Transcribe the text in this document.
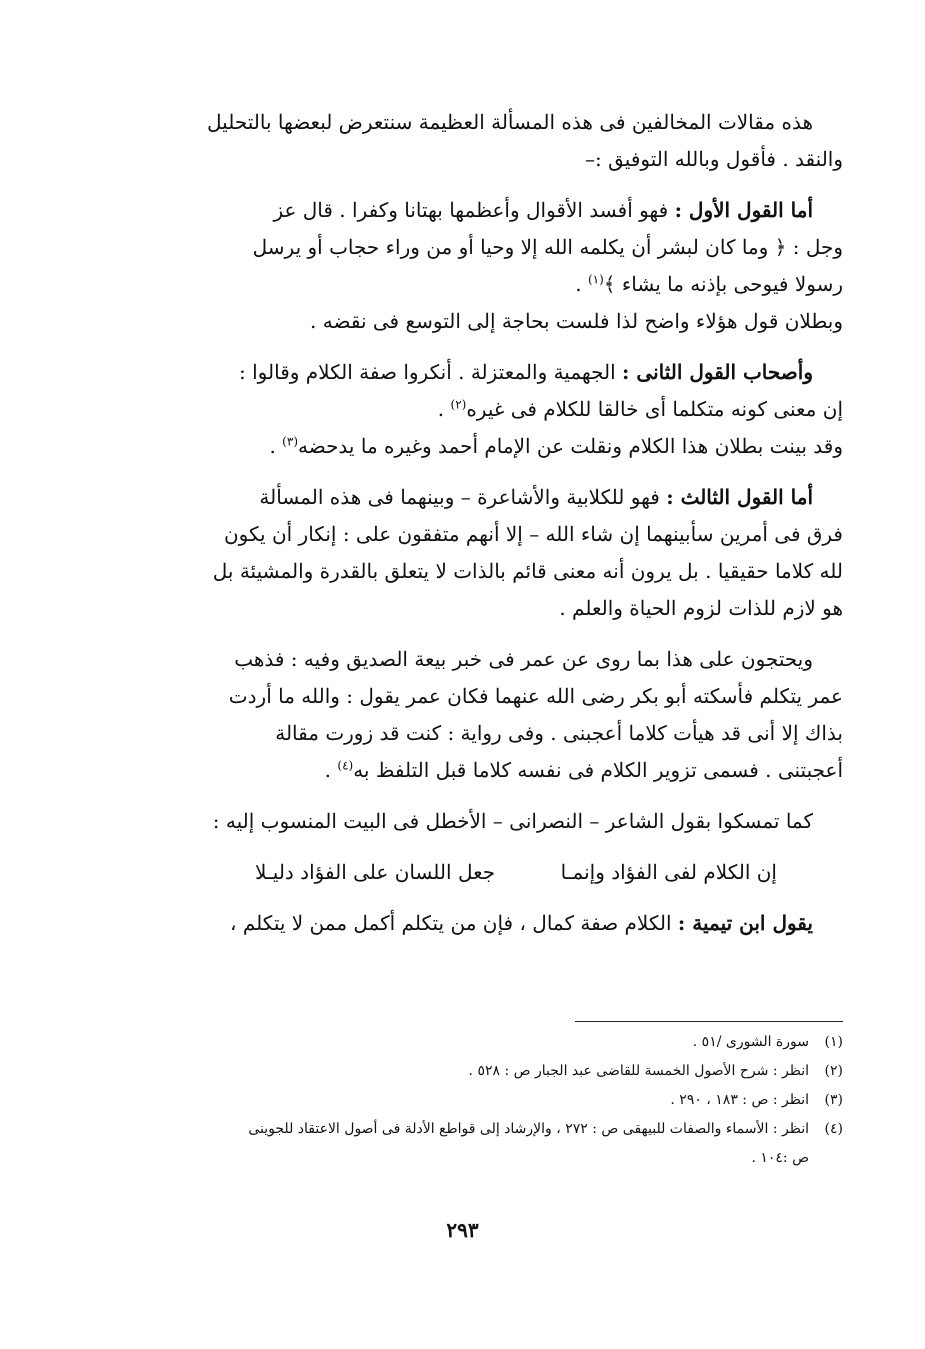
هذه مقالات المخالفين فى هذه المسألة العظيمة سنتعرض لبعضها بالتحليل

والنقد . فأقول وبالله التوفيق :–

أما القول الأول : فهو أفسد الأقوال وأعظمها بهتانا وكفرا . قال عز

وجل : ﴿ وما كان لبشر أن يكلمه الله إلا وحيا أو من وراء حجاب أو يرسل

رسولا فيوحى بإذنه ما يشاء ﴾$^{(١)}$ .

وبطلان قول هؤلاء واضح لذا فلست بحاجة إلى التوسع فى نقضه .

وأصحاب القول الثانى : الجهمية والمعتزلة . أنكروا صفة الكلام وقالوا :

إن معنى كونه متكلما أى خالقا للكلام فى غيره$^{(٢)}$ .

وقد بينت بطلان هذا الكلام ونقلت عن الإمام أحمد وغيره ما يدحضه$^{(٣)}$ .

أما القول الثالث : فهو للكلابية والأشاعرة – وبينهما فى هذه المسألة

فرق فى أمرين سأبينهما إن شاء الله – إلا أنهم متفقون على : إنكار أن يكون

لله كلاما حقيقيا . بل يرون أنه معنى قائم بالذات لا يتعلق بالقدرة والمشيئة بل

هو لازم للذات لزوم الحياة والعلم .

ويحتجون على هذا بما روى عن عمر فى خبر بيعة الصديق وفيه : فذهب

عمر يتكلم فأسكته أبو بكر رضى الله عنهما فكان عمر يقول : والله ما أردت

بذاك إلا أنى قد هيأت كلاما أعجبنى . وفى رواية : كنت قد زورت مقالة

أعجبتنى . فسمى تزوير الكلام فى نفسه كلاما قبل التلفظ به$^{(٤)}$ .

كما تمسكوا بقول الشاعر – النصرانى – الأخطل فى البيت المنسوب إليه :

إن الكلام لفى الفؤاد وإنمـا
جعل اللسان على الفؤاد دليـلا

يقول ابن تيمية : الكلام صفة كمال ، فإن من يتكلم أكمل ممن لا يتكلم ،

(١)
سورة الشورى /٥١ .

(٢)
انظر : شرح الأصول الخمسة للقاضى عبد الجبار ص : ٥٢٨ .

(٣)
انظر : ص : ١٨٣ ، ٢٩٠ .

(٤)
انظر : الأسماء والصفات للبيهقى ص : ٢٧٢ ، والإرشاد إلى قواطع الأدلة فى أصول الاعتقاد للجوينى

ص :١٠٤ .

٢٩٣
